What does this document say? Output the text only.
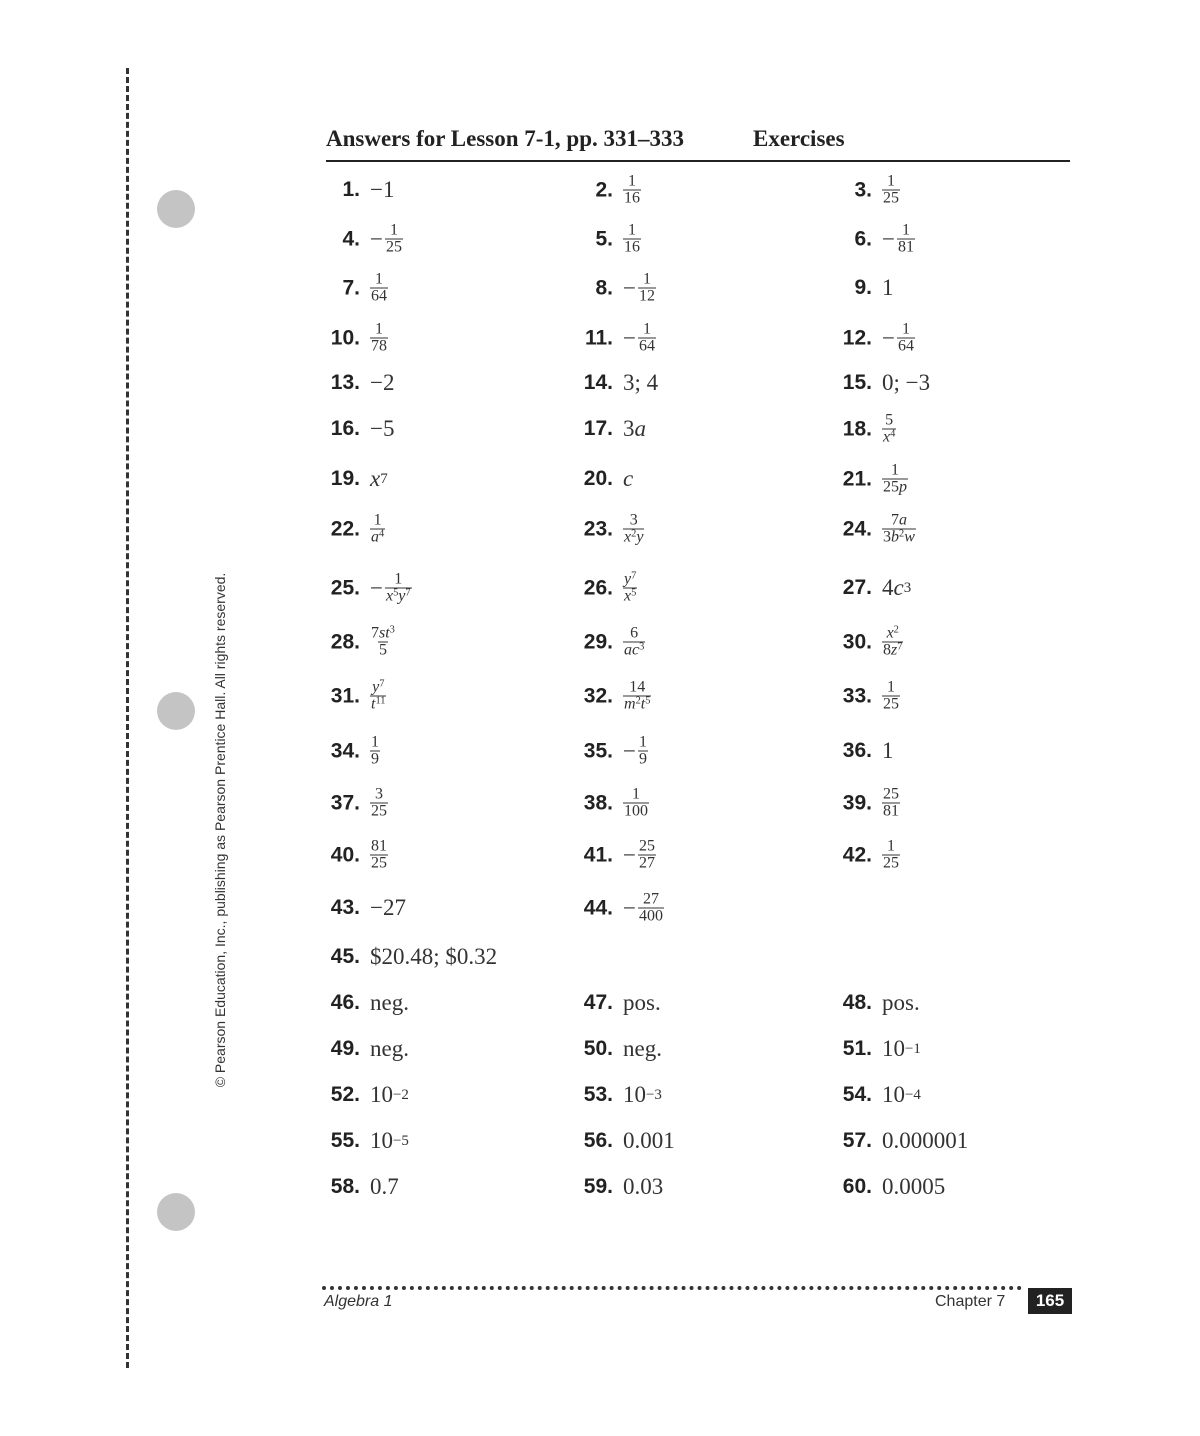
© Pearson Education, Inc., publishing as Pearson Prentice Hall. All rights reserved.
Answers for Lesson 7-1, pp. 331–333	Exercises
1. −1	2. $\frac{1}{16}$	3. $\frac{1}{25}$
4. − $\frac{1}{25}$	5. $\frac{1}{16}$	6. − $\frac{1}{81}$
7. $\frac{1}{64}$	8. − $\frac{1}{12}$	9. 1
10. $\frac{1}{78}$	11. − $\frac{1}{64}$	12. − $\frac{1}{64}$
13. −2	14. 3; 4	15. 0; −3
16. −5	17. 3 a	18. $\frac{5}{x^4}$
19. x 7	20. c	21. $\frac{1}{25p}$
22. $\frac{1}{a^4}$	23. $\frac{3}{x^2y}$	24. $\frac{7a}{3b^2w}$
25. − $\frac{1}{x^5y^7}$	26. $\frac{y^7}{x^5}$	27. 4 c 3
28. $\frac{7st^3}{5}$	29. $\frac{6}{ac^3}$	30. $\frac{x^2}{8z^7}$
31. $\frac{y^7}{t^{11}}$	32. $\frac{14}{m^2t^5}$	33. $\frac{1}{25}$
34. $\frac{1}{9}$	35. − $\frac{1}{9}$	36. 1
37. $\frac{3}{25}$	38. $\frac{1}{100}$	39. $\frac{25}{81}$
40. $\frac{81}{25}$	41. − $\frac{25}{27}$	42. $\frac{1}{25}$
43. −27	44. − $\frac{27}{400}$
45. $20.48; $0.32
46. neg.	47. pos.	48. pos.
49. neg.	50. neg.	51. 10 −1
52. 10 −2	53. 10 −3	54. 10 −4
55. 10 −5	56. 0.001	57. 0.000001
58. 0.7	59. 0.03	60. 0.0005
Algebra 1	Chapter 7	165
